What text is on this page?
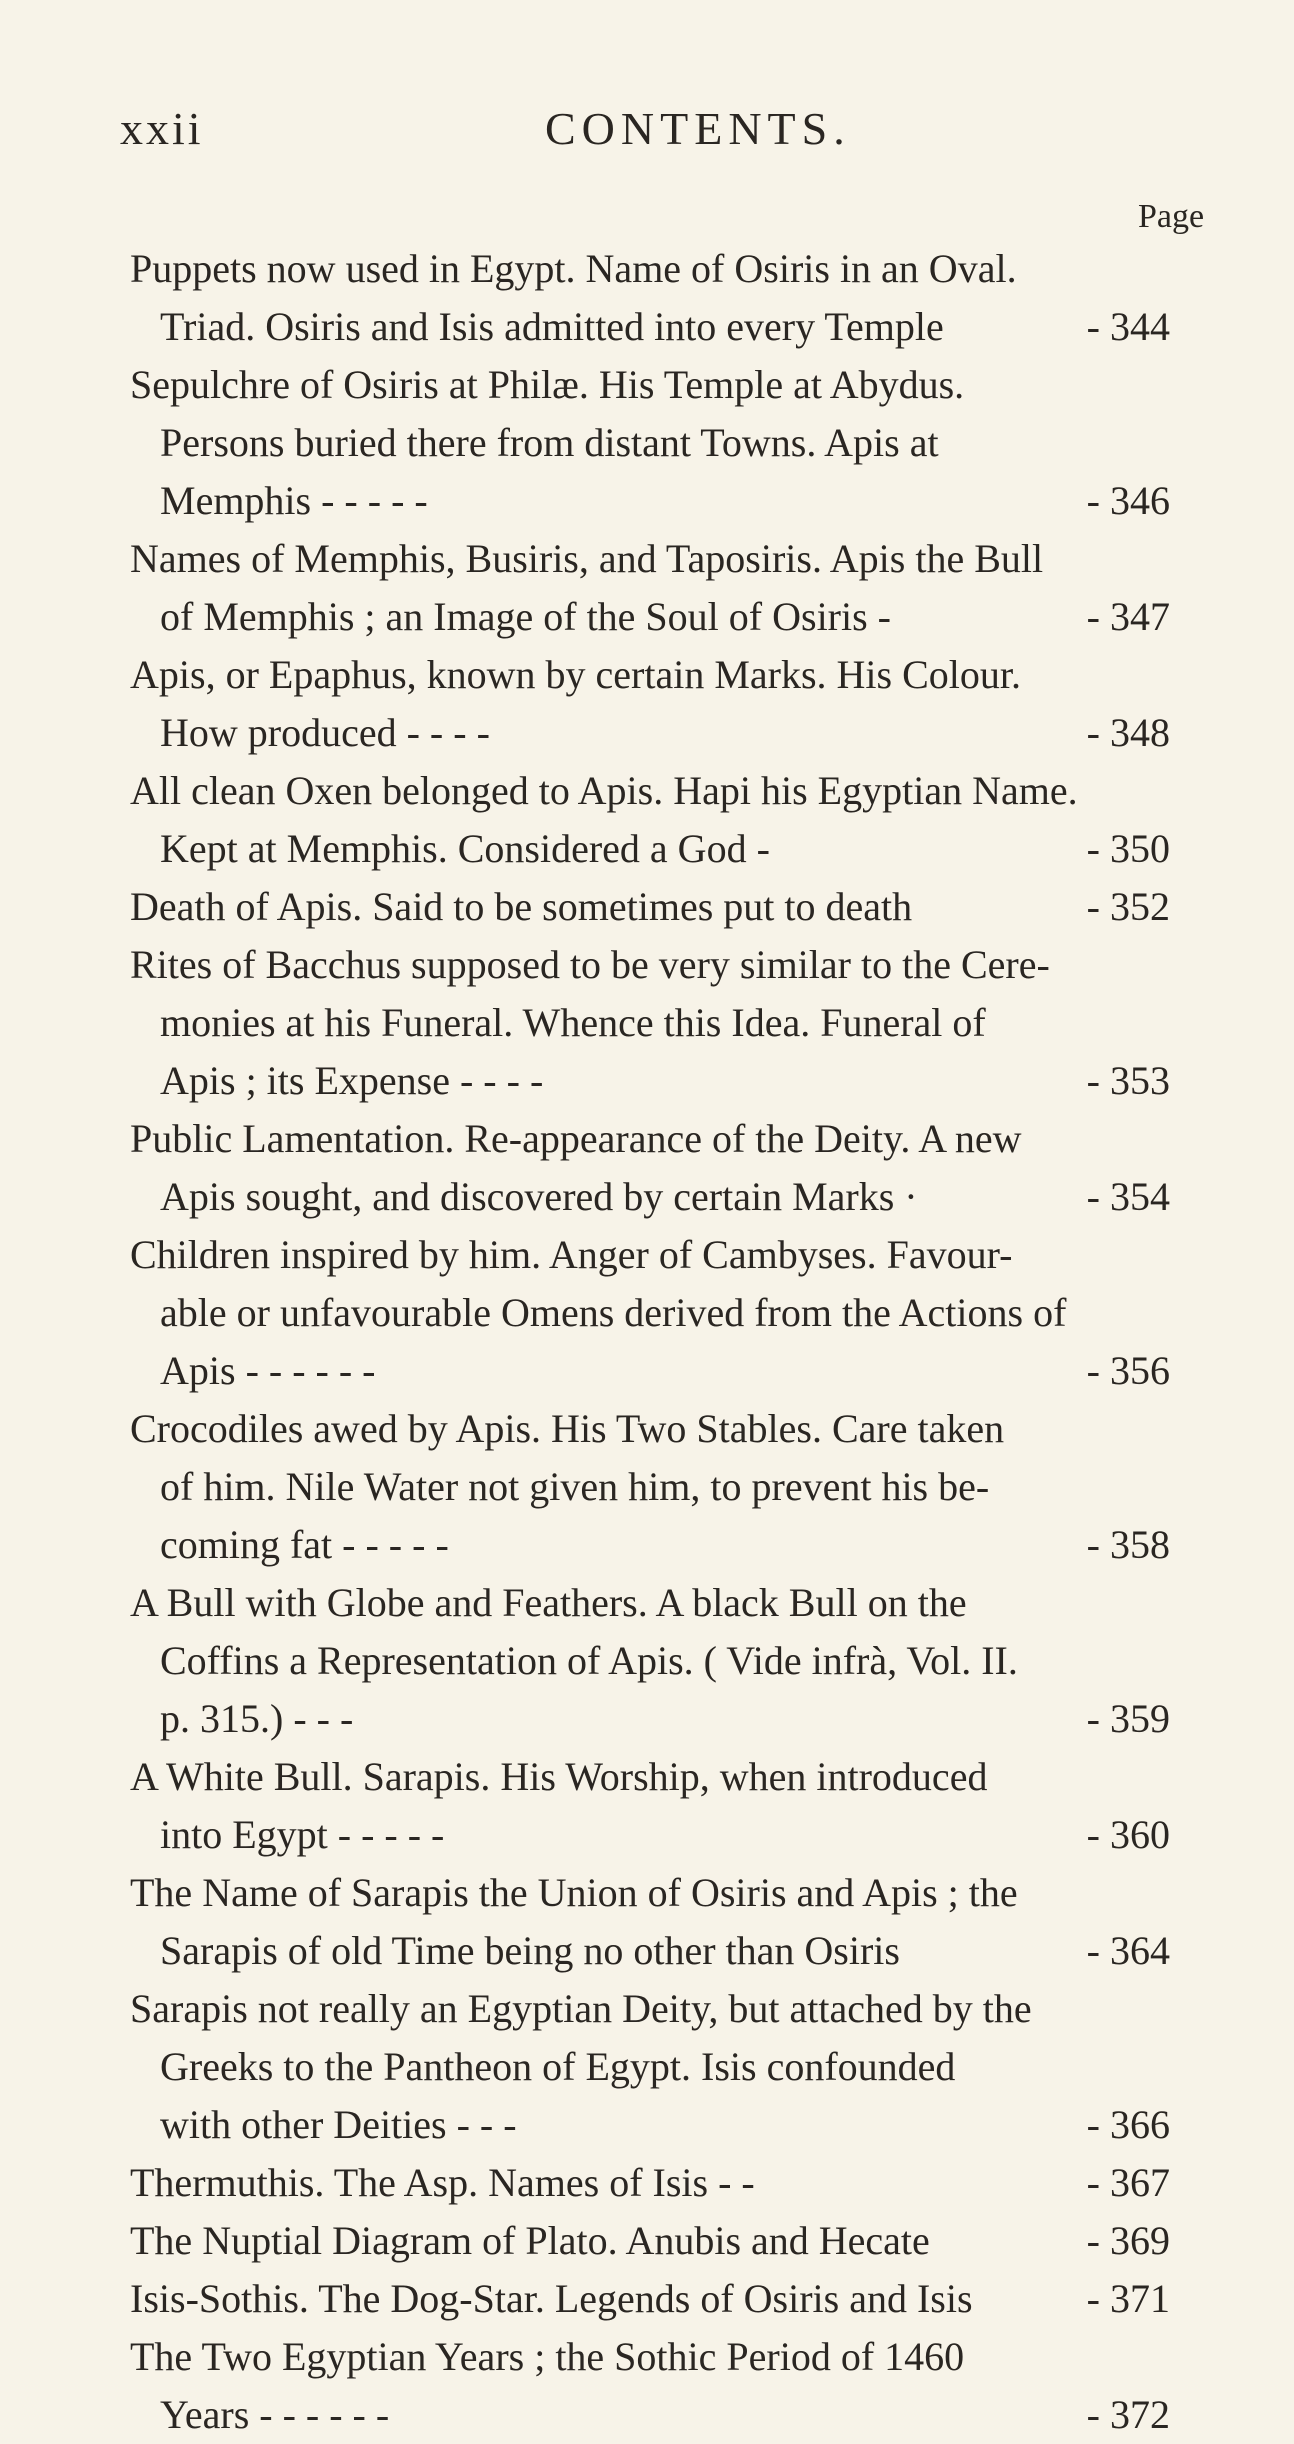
xxii	CONTENTS.
Page
Puppets now used in Egypt. Name of Osiris in an Oval.
Triad. Osiris and Isis admitted into every Temple	- 344
Sepulchre of Osiris at Philæ. His Temple at Abydus.
Persons buried there from distant Towns. Apis at
Memphis - - - - -	- 346
Names of Memphis, Busiris, and Taposiris. Apis the Bull
of Memphis ; an Image of the Soul of Osiris -	- 347
Apis, or Epaphus, known by certain Marks. His Colour.
How produced - - - -	- 348
All clean Oxen belonged to Apis. Hapi his Egyptian Name.
Kept at Memphis. Considered a God -	- 350
Death of Apis. Said to be sometimes put to death	- 352
Rites of Bacchus supposed to be very similar to the Cere-
monies at his Funeral. Whence this Idea. Funeral of
Apis ; its Expense - - - -	- 353
Public Lamentation. Re-appearance of the Deity. A new
Apis sought, and discovered by certain Marks ·	- 354
Children inspired by him. Anger of Cambyses. Favour-
able or unfavourable Omens derived from the Actions of
Apis - - - - - -	- 356
Crocodiles awed by Apis. His Two Stables. Care taken
of him. Nile Water not given him, to prevent his be-
coming fat - - - - -	- 358
A Bull with Globe and Feathers. A black Bull on the
Coffins a Representation of Apis. ( Vide infrà, Vol. II.
p. 315.) - - -	- 359
A White Bull. Sarapis. His Worship, when introduced
into Egypt - - - - -	- 360
The Name of Sarapis the Union of Osiris and Apis ; the
Sarapis of old Time being no other than Osiris	- 364
Sarapis not really an Egyptian Deity, but attached by the
Greeks to the Pantheon of Egypt. Isis confounded
with other Deities - - -	- 366
Thermuthis. The Asp. Names of Isis - -	- 367
The Nuptial Diagram of Plato. Anubis and Hecate	- 369
Isis-Sothis. The Dog-Star. Legends of Osiris and Isis	- 371
The Two Egyptian Years ; the Sothic Period of 1460
Years - - - - - -	- 372
